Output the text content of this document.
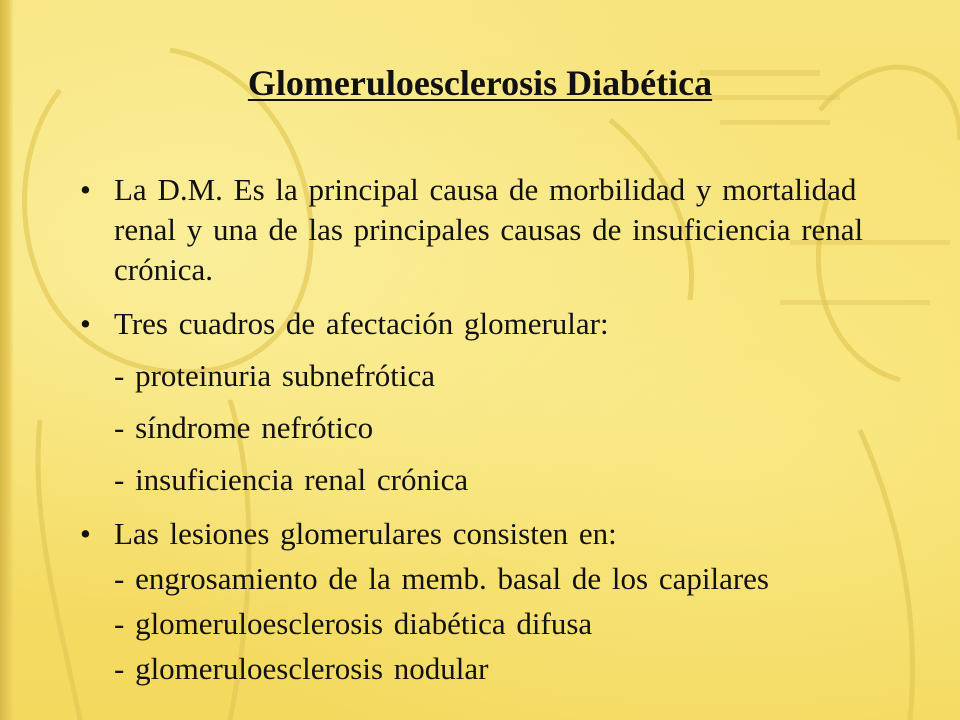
Glomeruloesclerosis Diabética

• La D.M. Es la principal causa de morbilidad y mortalidad renal y una de las principales causas de insuficiencia renal crónica.

• Tres cuadros de afectación glomerular:

- proteinuria subnefrótica

- síndrome nefrótico

- insuficiencia renal crónica

• Las lesiones glomerulares consisten en:

- engrosamiento de la memb. basal de los capilares

- glomeruloesclerosis diabética difusa

- glomeruloesclerosis nodular
